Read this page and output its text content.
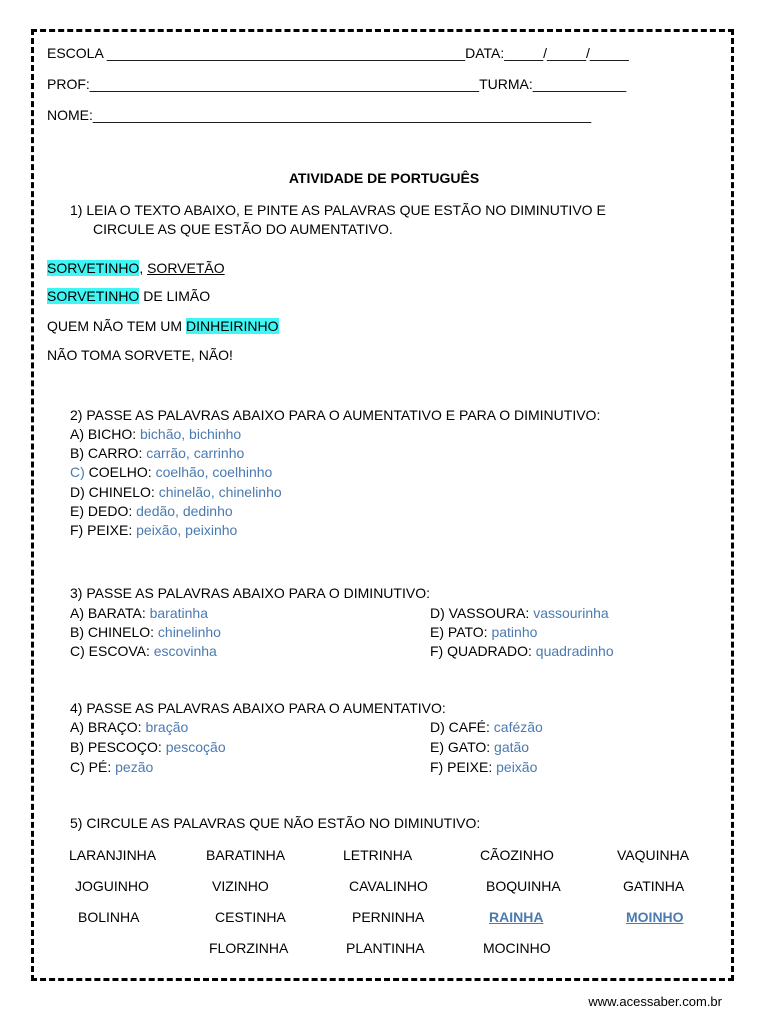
ESCOLA ______________________________________________DATA:_____/_____/_____
PROF:__________________________________________________TURMA:____________
NOME:________________________________________________________________
ATIVIDADE DE PORTUGUÊS
1) LEIA O TEXTO ABAIXO, E PINTE AS PALAVRAS QUE ESTÃO NO DIMINUTIVO E
CIRCULE AS QUE ESTÃO DO AUMENTATIVO.
SORVETINHO, SORVETÃO
SORVETINHO DE LIMÃO
QUEM NÃO TEM UM DINHEIRINHO
NÃO TOMA SORVETE, NÃO!
2) PASSE AS PALAVRAS ABAIXO PARA O AUMENTATIVO E PARA O DIMINUTIVO:
A) BICHO: bichão, bichinho
B) CARRO: carrão, carrinho
C) COELHO: coelhão, coelhinho
D) CHINELO: chinelão, chinelinho
E) DEDO: dedão, dedinho
F) PEIXE: peixão, peixinho
3) PASSE AS PALAVRAS ABAIXO PARA O DIMINUTIVO:
A) BARATA: baratinha
B) CHINELO: chinelinho
C) ESCOVA: escovinha
D) VASSOURA: vassourinha
E) PATO: patinho
F) QUADRADO: quadradinho
4) PASSE AS PALAVRAS ABAIXO PARA O AUMENTATIVO:
A) BRAÇO: bração
B) PESCOÇO: pescoção
C) PÉ: pezão
D) CAFÉ: cafézão
E) GATO: gatão
F) PEIXE: peixão
5) CIRCULE AS PALAVRAS QUE NÃO ESTÃO NO DIMINUTIVO:
LARANJINHA	BARATINHA	LETRINHA	CÃOZINHO	VAQUINHA
JOGUINHO	VIZINHO	CAVALINHO	BOQUINHA	GATINHA
BOLINHA	CESTINHA	PERNINHA	RAINHA	MOINHO
FLORZINHA	PLANTINHA	MOCINHO
www.acessaber.com.br
